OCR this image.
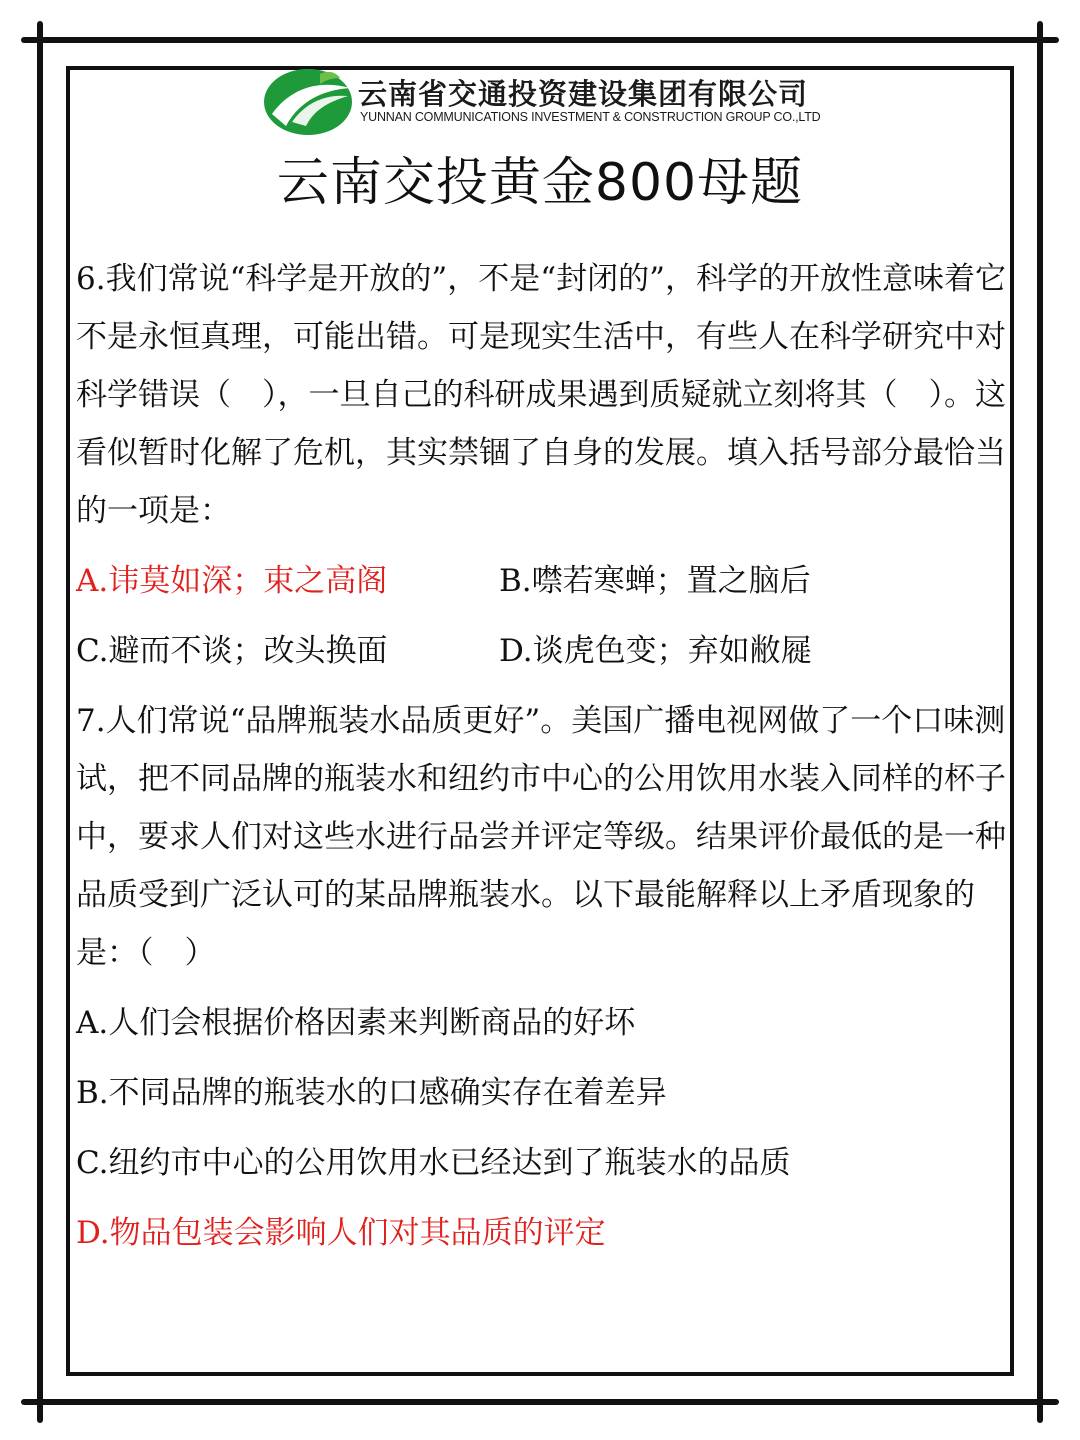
云南省交通投资建设集团有限公司
YUNNAN COMMUNICATIONS INVESTMENT & CONSTRUCTION GROUP CO.,LTD
云南交投黄金800母题

6.我们常说“科学是开放的”，不是“封闭的”，科学的开放性意味着它不是永恒真理，可能出错。可是现实生活中，有些人在科学研究中对科学错误（　），一旦自己的科研成果遇到质疑就立刻将其（　）。这看似暂时化解了危机，其实禁锢了自身的发展。填入括号部分最恰当的一项是：

A.讳莫如深；束之高阁	B.噤若寒蝉；置之脑后

C.避而不谈；改头换面	D.谈虎色变；弃如敝屣

7.人们常说“品牌瓶装水品质更好”。美国广播电视网做了一个口味测试，把不同品牌的瓶装水和纽约市中心的公用饮用水装入同样的杯子中，要求人们对这些水进行品尝并评定等级。结果评价最低的是一种品质受到广泛认可的某品牌瓶装水。以下最能解释以上矛盾现象的是：（　）

A.人们会根据价格因素来判断商品的好坏

B.不同品牌的瓶装水的口感确实存在着差异

C.纽约市中心的公用饮用水已经达到了瓶装水的品质

D.物品包装会影响人们对其品质的评定
